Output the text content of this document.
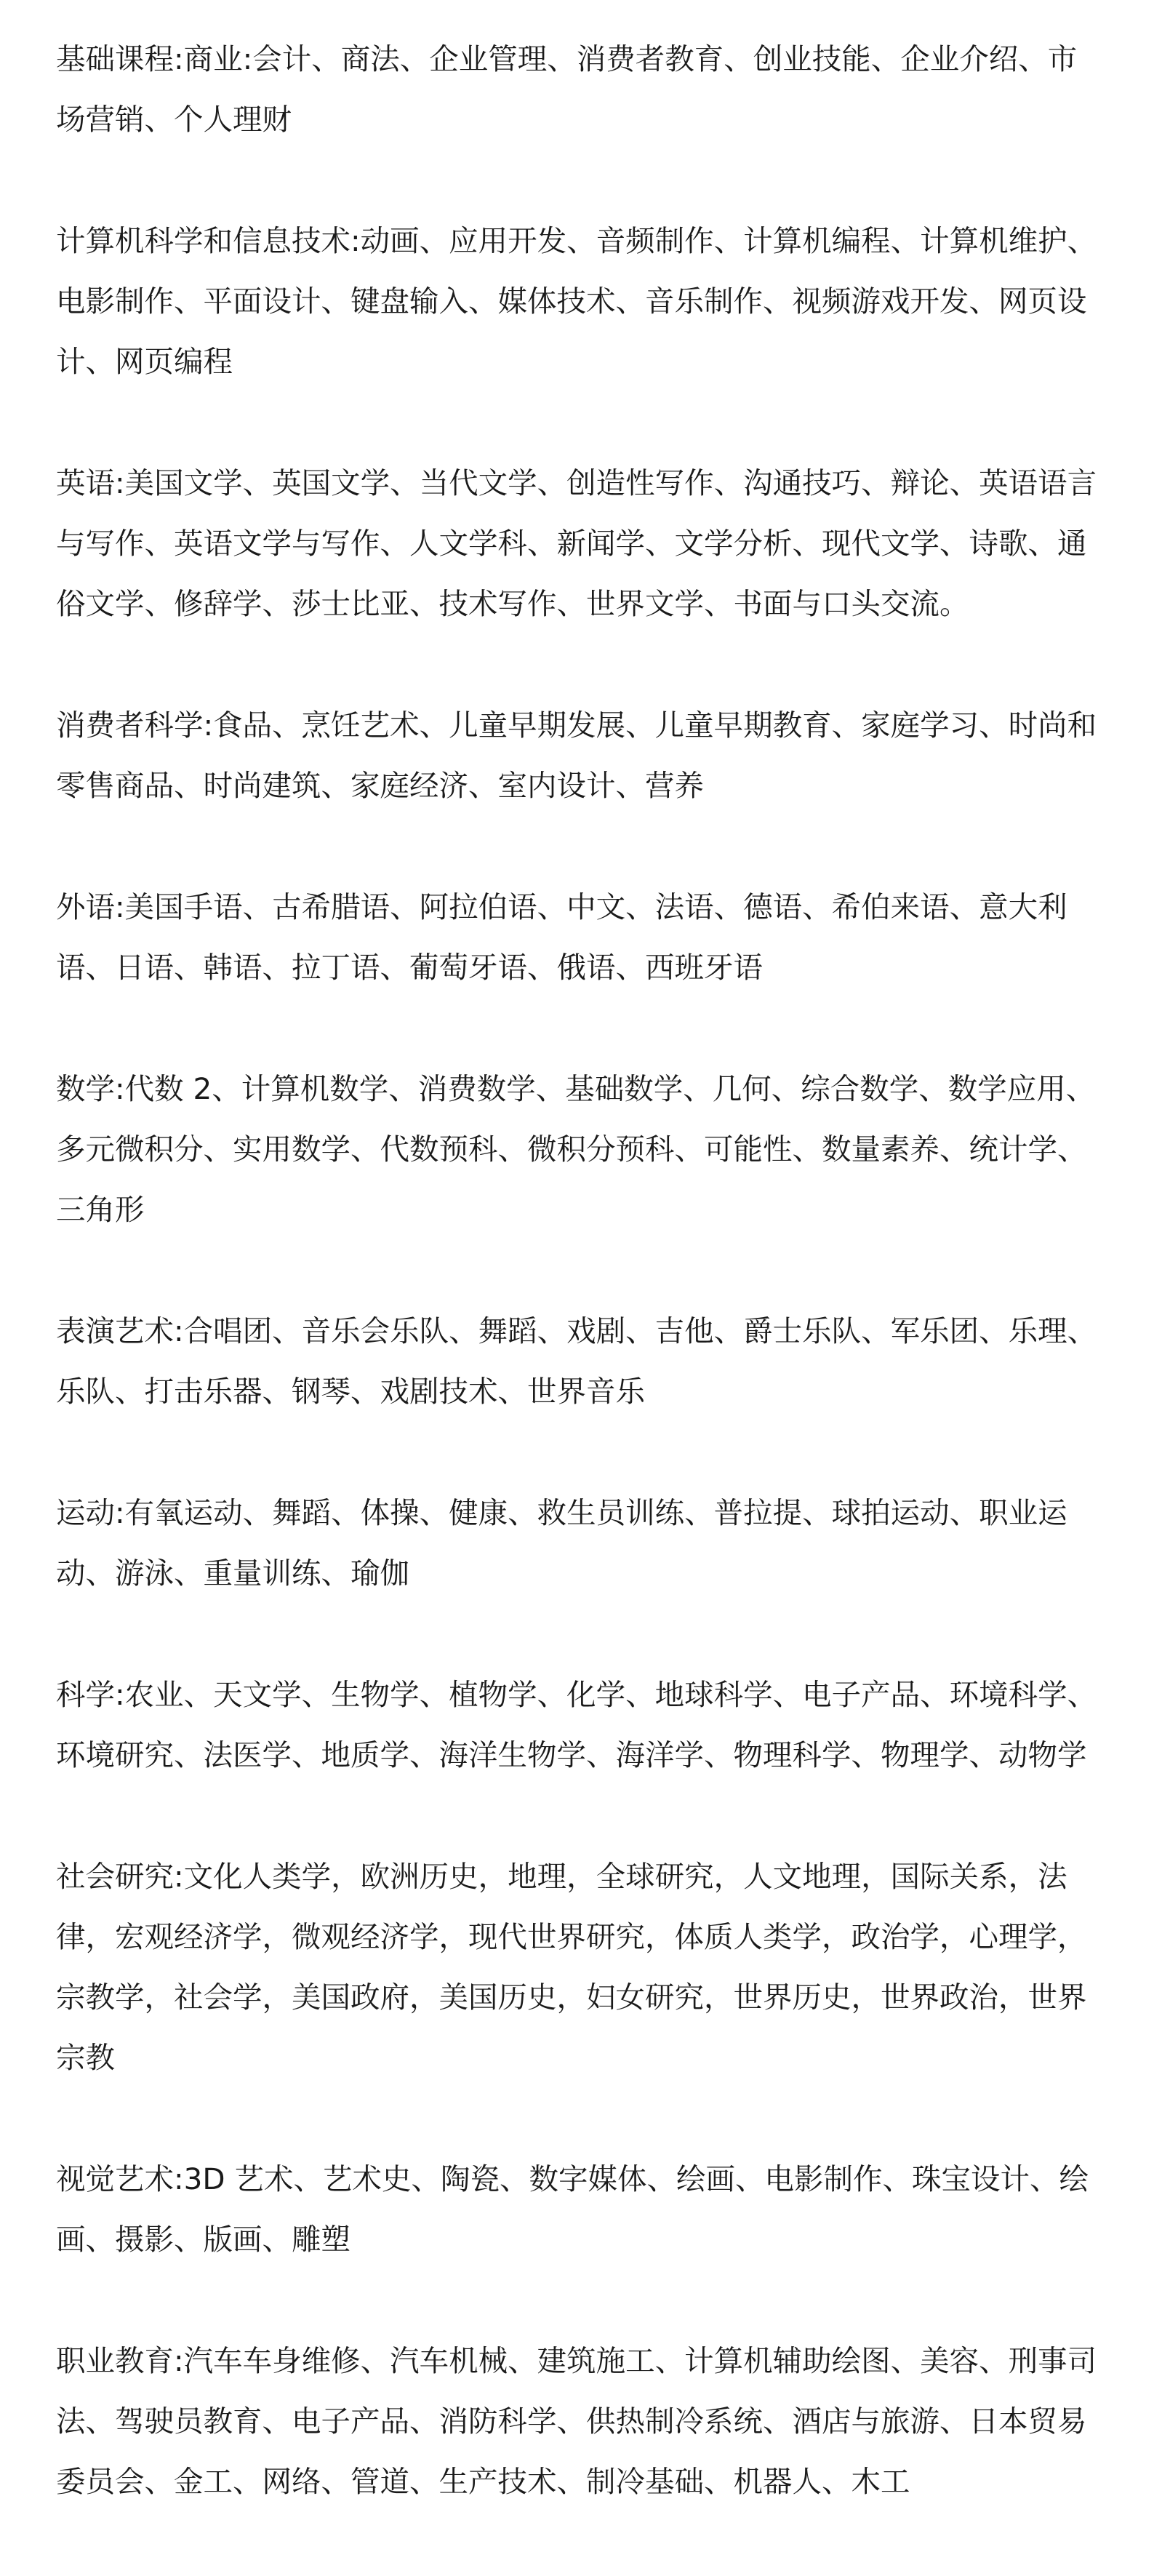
基础课程:商业:会计、商法、企业管理、消费者教育、创业技能、企业介绍、市场营销、个人理财

计算机科学和信息技术:动画、应用开发、音频制作、计算机编程、计算机维护、电影制作、平面设计、键盘输入、媒体技术、音乐制作、视频游戏开发、网页设计、网页编程

英语:美国文学、英国文学、当代文学、创造性写作、沟通技巧、辩论、英语语言与写作、英语文学与写作、人文学科、新闻学、文学分析、现代文学、诗歌、通俗文学、修辞学、莎士比亚、技术写作、世界文学、书面与口头交流。

消费者科学:食品、烹饪艺术、儿童早期发展、儿童早期教育、家庭学习、时尚和零售商品、时尚建筑、家庭经济、室内设计、营养

外语:美国手语、古希腊语、阿拉伯语、中文、法语、德语、希伯来语、意大利语、日语、韩语、拉丁语、葡萄牙语、俄语、西班牙语

数学:代数 2、计算机数学、消费数学、基础数学、几何、综合数学、数学应用、多元微积分、实用数学、代数预科、微积分预科、可能性、数量素养、统计学、三角形

表演艺术:合唱团、音乐会乐队、舞蹈、戏剧、吉他、爵士乐队、军乐团、乐理、乐队、打击乐器、钢琴、戏剧技术、世界音乐

运动:有氧运动、舞蹈、体操、健康、救生员训练、普拉提、球拍运动、职业运动、游泳、重量训练、瑜伽

科学:农业、天文学、生物学、植物学、化学、地球科学、电子产品、环境科学、环境研究、法医学、地质学、海洋生物学、海洋学、物理科学、物理学、动物学

社会研究:文化人类学，欧洲历史，地理，全球研究，人文地理，国际关系，法律，宏观经济学，微观经济学，现代世界研究，体质人类学，政治学，心理学，宗教学，社会学，美国政府，美国历史，妇女研究，世界历史，世界政治，世界宗教

视觉艺术:3D 艺术、艺术史、陶瓷、数字媒体、绘画、电影制作、珠宝设计、绘画、摄影、版画、雕塑

职业教育:汽车车身维修、汽车机械、建筑施工、计算机辅助绘图、美容、刑事司法、驾驶员教育、电子产品、消防科学、供热制冷系统、酒店与旅游、日本贸易委员会、金工、网络、管道、生产技术、制冷基础、机器人、木工
